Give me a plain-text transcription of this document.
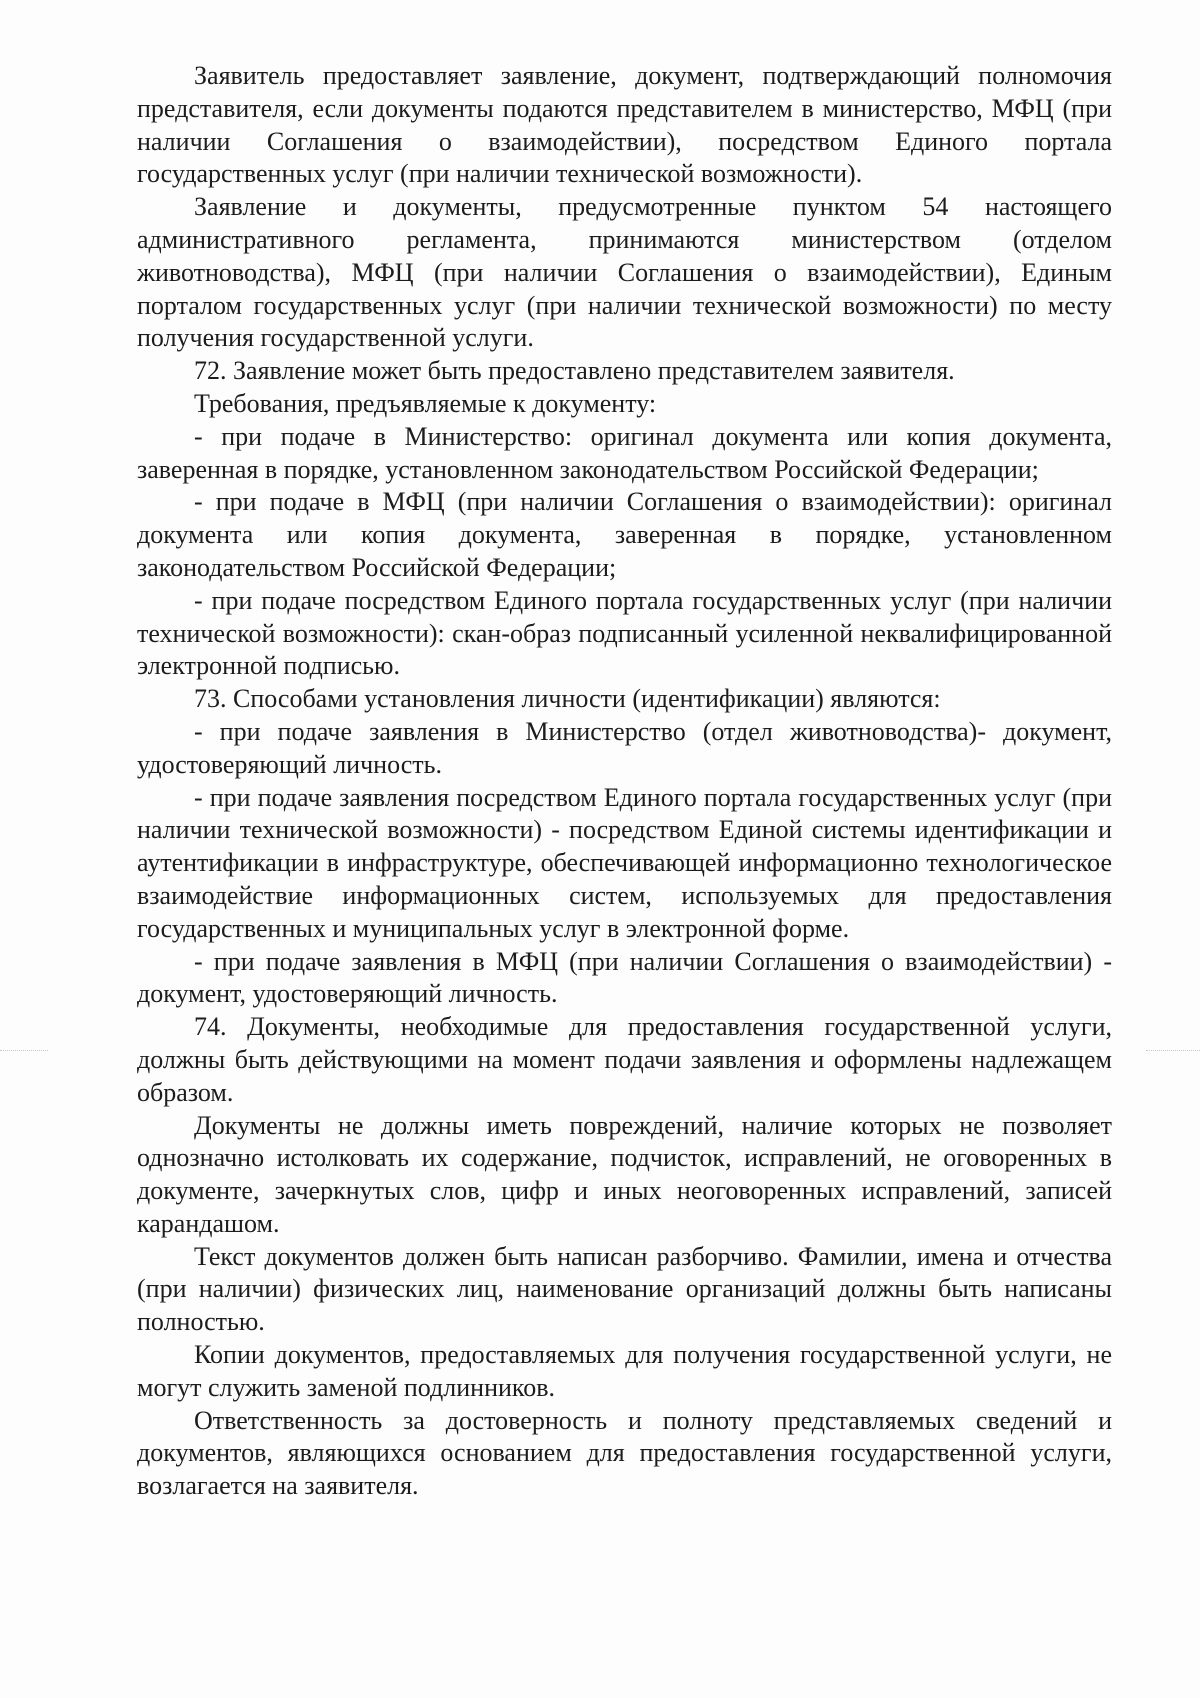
Заявитель предоставляет заявление, документ, подтверждающий полномочия представителя, если документы подаются представителем в министерство, МФЦ (при наличии Соглашения о взаимодействии), посредством Единого портала государственных услуг (при наличии технической возможности).

Заявление и документы, предусмотренные пунктом 54 настоящего административного регламента, принимаются министерством (отделом животноводства), МФЦ (при наличии Соглашения о взаимодействии), Единым порталом государственных услуг (при наличии технической возможности) по месту получения государственной услуги.

72. Заявление может быть предоставлено представителем заявителя.

Требования, предъявляемые к документу:

- при подаче в Министерство: оригинал документа или копия документа, заверенная в порядке, установленном законодательством Российской Федерации;

- при подаче в МФЦ (при наличии Соглашения о взаимодействии): оригинал документа или копия документа, заверенная в порядке, установленном законодательством Российской Федерации;

- при подаче посредством Единого портала государственных услуг (при наличии технической возможности): скан-образ подписанный усиленной неквалифицированной электронной подписью.

73. Способами установления личности (идентификации) являются:

- при подаче заявления в Министерство (отдел животноводства)- документ, удостоверяющий личность.

- при подаче заявления посредством Единого портала государственных услуг (при наличии технической возможности) - посредством Единой системы идентификации и аутентификации в инфраструктуре, обеспечивающей информационно технологическое взаимодействие информационных систем, используемых для предоставления государственных и муниципальных услуг в электронной форме.

- при подаче заявления в МФЦ (при наличии Соглашения о взаимодействии) - документ, удостоверяющий личность.

74. Документы, необходимые для предоставления государственной услуги, должны быть действующими на момент подачи заявления и оформлены надлежащем образом.

Документы не должны иметь повреждений, наличие которых не позволяет однозначно истолковать их содержание, подчисток, исправлений, не оговоренных в документе, зачеркнутых слов, цифр и иных неоговоренных исправлений, записей карандашом.

Текст документов должен быть написан разборчиво. Фамилии, имена и отчества (при наличии) физических лиц, наименование организаций должны быть написаны полностью.

Копии документов, предоставляемых для получения государственной услуги, не могут служить заменой подлинников.

Ответственность за достоверность и полноту представляемых сведений и документов, являющихся основанием для предоставления государственной услуги, возлагается на заявителя.
